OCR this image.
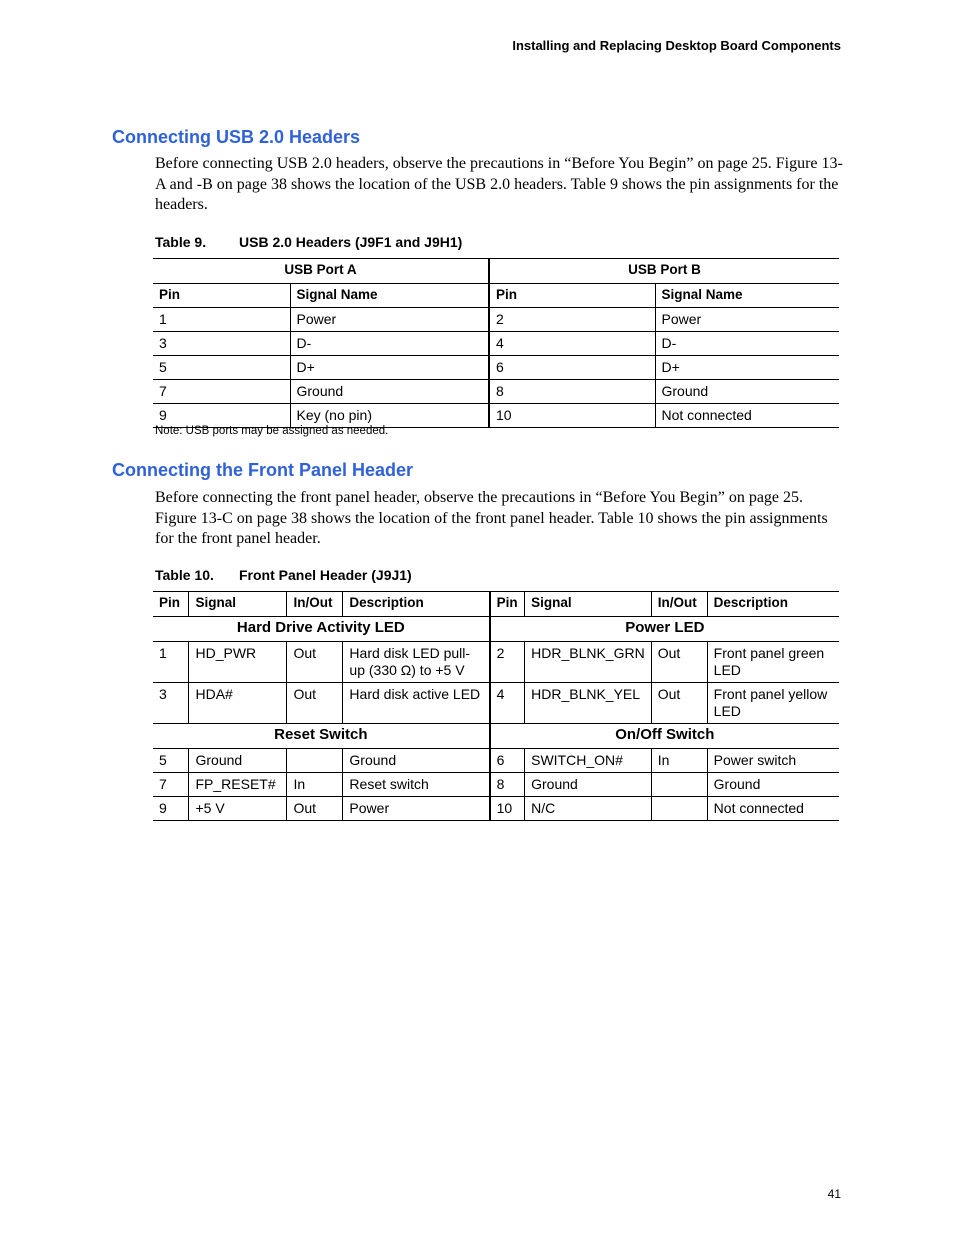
Installing and Replacing Desktop Board Components
Connecting USB 2.0 Headers

Before connecting USB 2.0 headers, observe the precautions in “Before You Begin” on page 25. Figure 13-A and -B on page 38 shows the location of the USB 2.0 headers. Table 9 shows the pin assignments for the headers.

Table 9. USB 2.0 Headers (J9F1 and J9H1)
USB Port A		USB Port B	
Pin	Signal Name	Pin	Signal Name
1	Power	2	Power
3	D-	4	D-
5	D+	6	D+
7	Ground	8	Ground
9	Key (no pin)	10	Not connected
Note: USB ports may be assigned as needed.
Connecting the Front Panel Header

Before connecting the front panel header, observe the precautions in “Before You Begin” on page 25. Figure 13-C on page 38 shows the location of the front panel header. Table 10 shows the pin assignments for the front panel header.

Table 10. Front Panel Header (J9J1)
Pin	Signal	In/Out	Description	Pin	Signal	In/Out	Description
Hard Drive Activity LED				Power LED			
1	HD_PWR	Out	Hard disk LED pull-up (330 Ω) to +5 V	2	HDR_BLNK_GRN	Out	Front panel green LED
3	HDA#	Out	Hard disk active LED	4	HDR_BLNK_YEL	Out	Front panel yellow LED
Reset Switch				On/Off Switch			
5	Ground		Ground	6	SWITCH_ON#	In	Power switch
7	FP_RESET#	In	Reset switch	8	Ground		Ground
9	+5 V	Out	Power	10	N/C		Not connected
41
